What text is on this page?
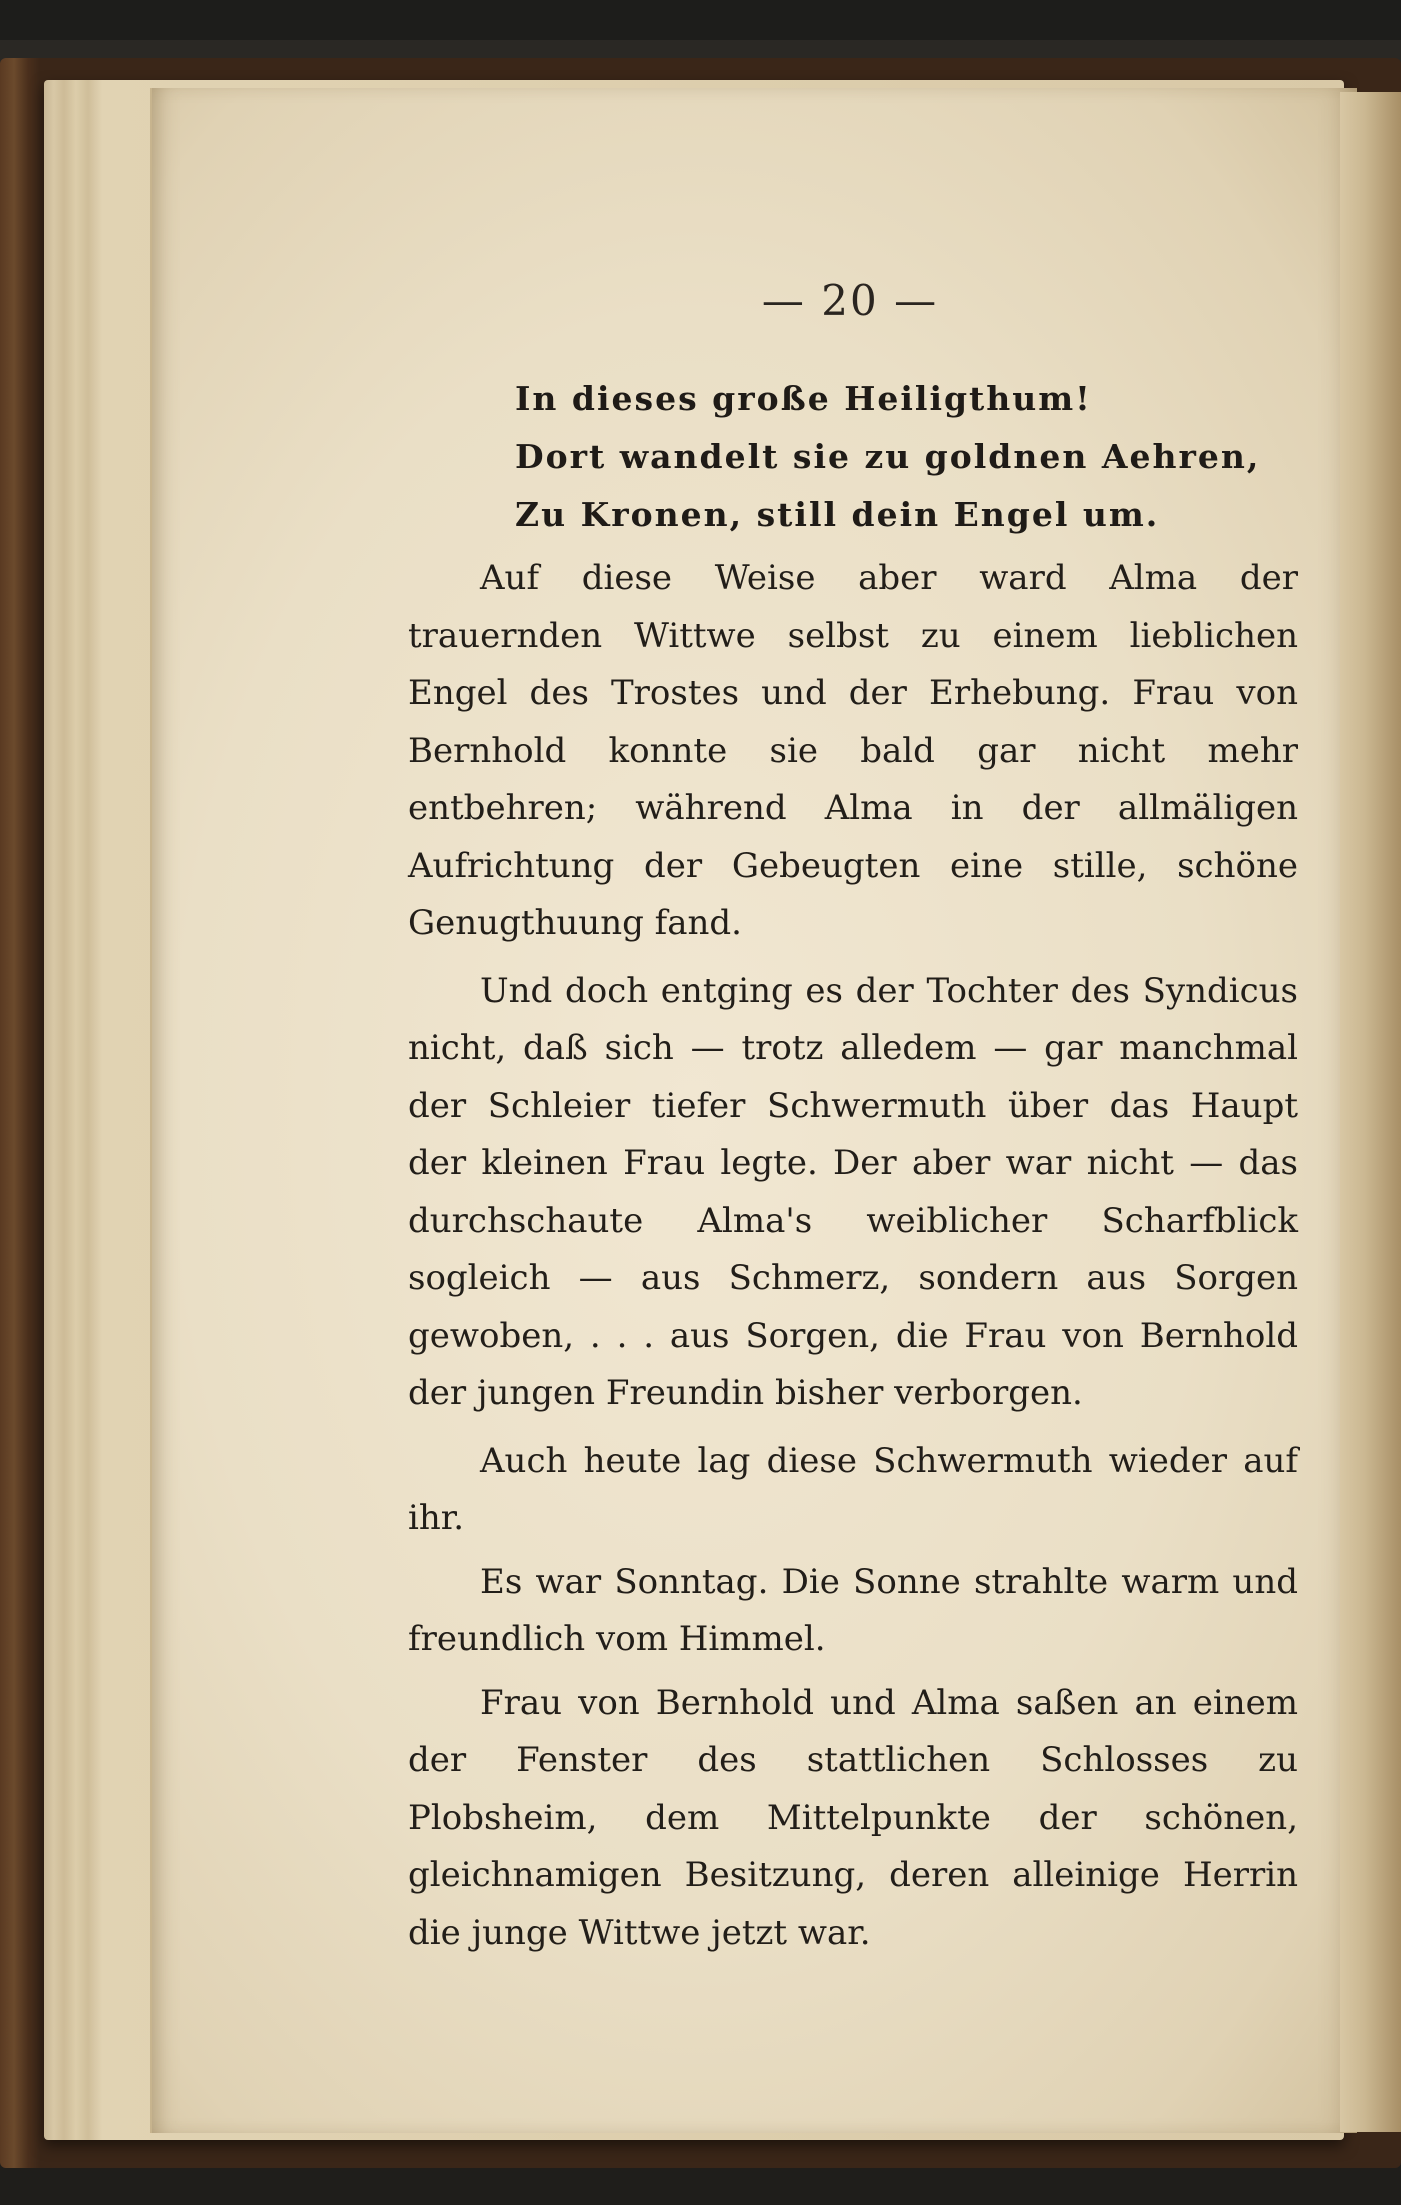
— 20 —
In dieses große Heiligthum!
Dort wandelt sie zu goldnen Aehren,
Zu Kronen, still dein Engel um.

Auf diese Weise aber ward Alma der trauernden Wittwe selbst zu einem lieblichen Engel des Trostes und der Erhebung. Frau von Bernhold konnte sie bald gar nicht mehr entbehren; während Alma in der allmäligen Aufrichtung der Gebeugten eine stille, schöne Genugthuung fand.

Und doch entging es der Tochter des Syndicus nicht, daß sich — trotz alledem — gar manchmal der Schleier tiefer Schwermuth über das Haupt der kleinen Frau legte. Der aber war nicht — das durchschaute Alma's weiblicher Scharfblick sogleich — aus Schmerz, sondern aus Sorgen gewoben, . . . aus Sorgen, die Frau von Bernhold der jungen Freundin bisher verborgen.

Auch heute lag diese Schwermuth wieder auf ihr.

Es war Sonntag. Die Sonne strahlte warm und freundlich vom Himmel.

Frau von Bernhold und Alma saßen an einem der Fenster des stattlichen Schlosses zu Plobsheim, dem Mittelpunkte der schönen, gleichnamigen Besitzung, deren alleinige Herrin die junge Wittwe jetzt war.
